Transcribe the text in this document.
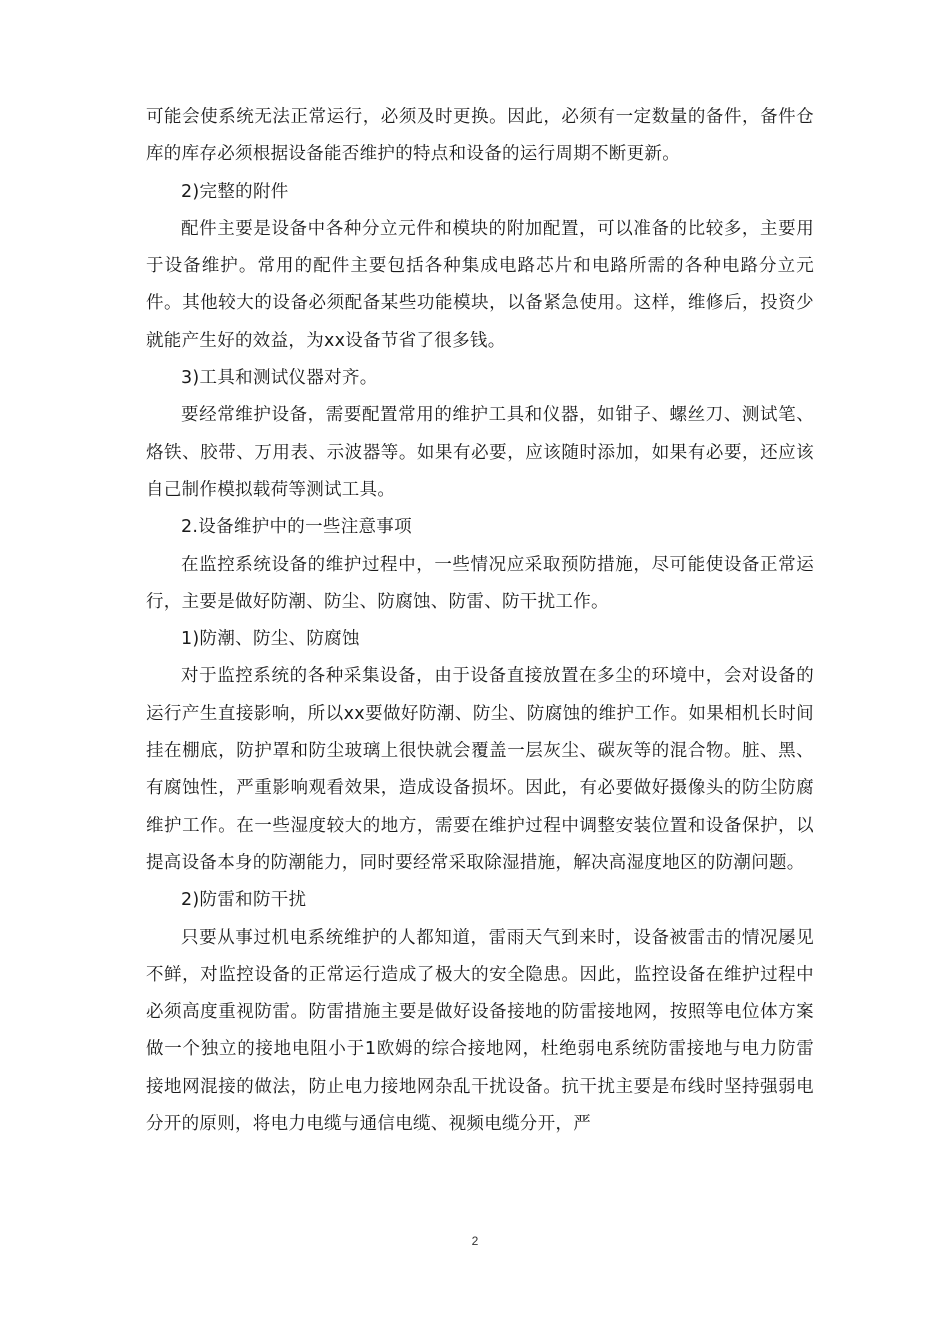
可能会使系统无法正常运行，必须及时更换。因此，必须有一定数量的备件，备件仓库的库存必须根据设备能否维护的特点和设备的运行周期不断更新。

2)完整的附件

配件主要是设备中各种分立元件和模块的附加配置，可以准备的比较多，主要用于设备维护。常用的配件主要包括各种集成电路芯片和电路所需的各种电路分立元件。其他较大的设备必须配备某些功能模块，以备紧急使用。这样，维修后，投资少就能产生好的效益，为xx设备节省了很多钱。

3)工具和测试仪器对齐。

要经常维护设备，需要配置常用的维护工具和仪器，如钳子、螺丝刀、测试笔、烙铁、胶带、万用表、示波器等。如果有必要，应该随时添加，如果有必要，还应该自己制作模拟载荷等测试工具。

2.设备维护中的一些注意事项

在监控系统设备的维护过程中，一些情况应采取预防措施，尽可能使设备正常运行，主要是做好防潮、防尘、防腐蚀、防雷、防干扰工作。

1)防潮、防尘、防腐蚀

对于监控系统的各种采集设备，由于设备直接放置在多尘的环境中，会对设备的运行产生直接影响，所以xx要做好防潮、防尘、防腐蚀的维护工作。如果相机长时间挂在棚底，防护罩和防尘玻璃上很快就会覆盖一层灰尘、碳灰等的混合物。脏、黑、有腐蚀性，严重影响观看效果，造成设备损坏。因此，有必要做好摄像头的防尘防腐维护工作。在一些湿度较大的地方，需要在维护过程中调整安装位置和设备保护，以提高设备本身的防潮能力，同时要经常采取除湿措施，解决高湿度地区的防潮问题。

2)防雷和防干扰

只要从事过机电系统维护的人都知道，雷雨天气到来时，设备被雷击的情况屡见不鲜，对监控设备的正常运行造成了极大的安全隐患。因此，监控设备在维护过程中必须高度重视防雷。防雷措施主要是做好设备接地的防雷接地网，按照等电位体方案做一个独立的接地电阻小于1欧姆的综合接地网，杜绝弱电系统防雷接地与电力防雷接地网混接的做法，防止电力接地网杂乱干扰设备。抗干扰主要是布线时坚持强弱电分开的原则，将电力电缆与通信电缆、视频电缆分开，严

2
